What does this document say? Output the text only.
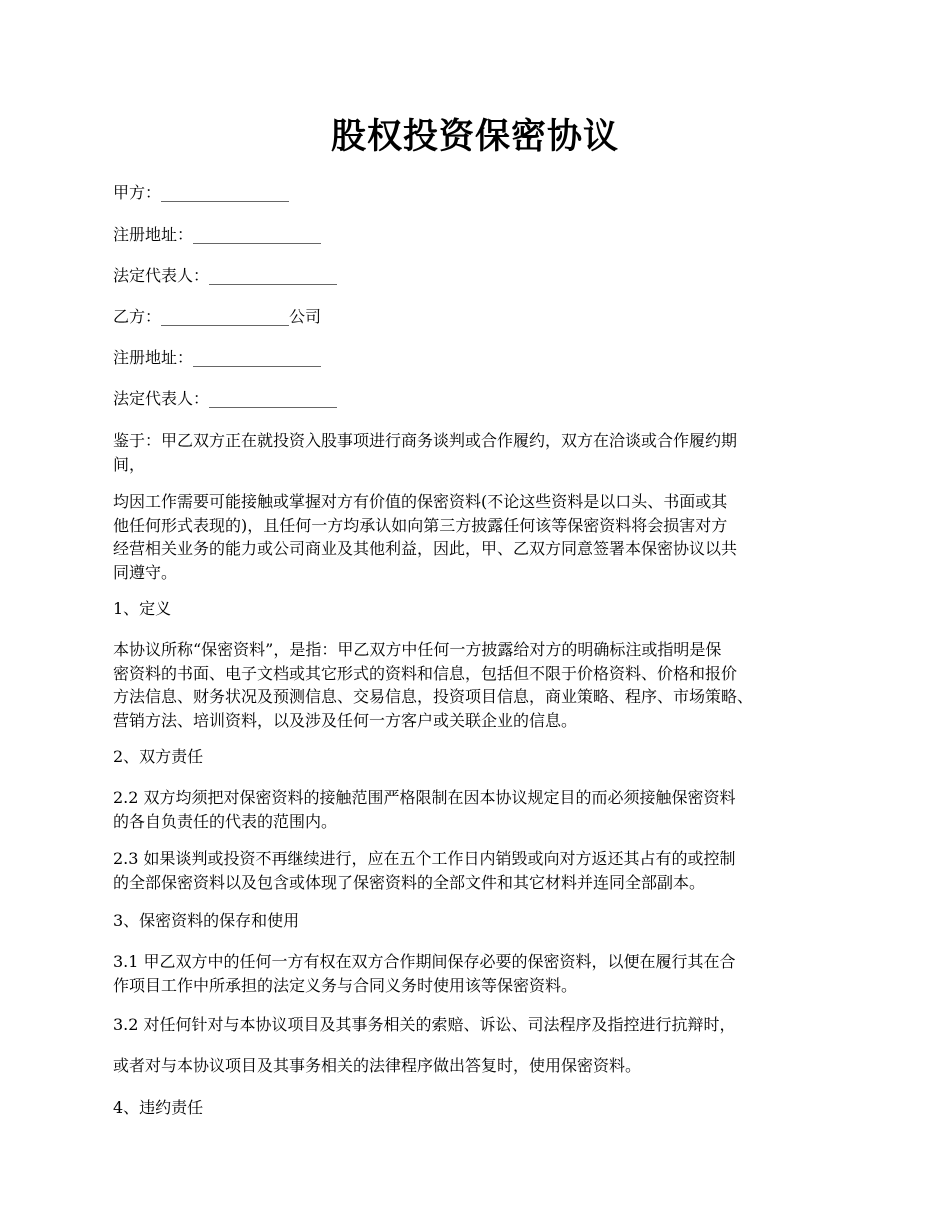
股权投资保密协议

甲方：________________

注册地址：________________

法定代表人：________________

乙方：________________公司

注册地址：________________

法定代表人：________________

鉴于：甲乙双方正在就投资入股事项进行商务谈判或合作履约，双方在洽谈或合作履约期
间，

均因工作需要可能接触或掌握对方有价值的保密资料(不论这些资料是以口头、书面或其
他任何形式表现的)，且任何一方均承认如向第三方披露任何该等保密资料将会损害对方
经营相关业务的能力或公司商业及其他利益，因此，甲、乙双方同意签署本保密协议以共
同遵守。

1、定义

本协议所称“保密资料”，是指：甲乙双方中任何一方披露给对方的明确标注或指明是保
密资料的书面、电子文档或其它形式的资料和信息，包括但不限于价格资料、价格和报价
方法信息、财务状况及预测信息、交易信息，投资项目信息，商业策略、程序、市场策略、
营销方法、培训资料，以及涉及任何一方客户或关联企业的信息。

2、双方责任

2.2 双方均须把对保密资料的接触范围严格限制在因本协议规定目的而必须接触保密资料
的各自负责任的代表的范围内。

2.3 如果谈判或投资不再继续进行，应在五个工作日内销毁或向对方返还其占有的或控制
的全部保密资料以及包含或体现了保密资料的全部文件和其它材料并连同全部副本。

3、保密资料的保存和使用

3.1 甲乙双方中的任何一方有权在双方合作期间保存必要的保密资料，以便在履行其在合
作项目工作中所承担的法定义务与合同义务时使用该等保密资料。

3.2 对任何针对与本协议项目及其事务相关的索赔、诉讼、司法程序及指控进行抗辩时，

或者对与本协议项目及其事务相关的法律程序做出答复时，使用保密资料。

4、违约责任
